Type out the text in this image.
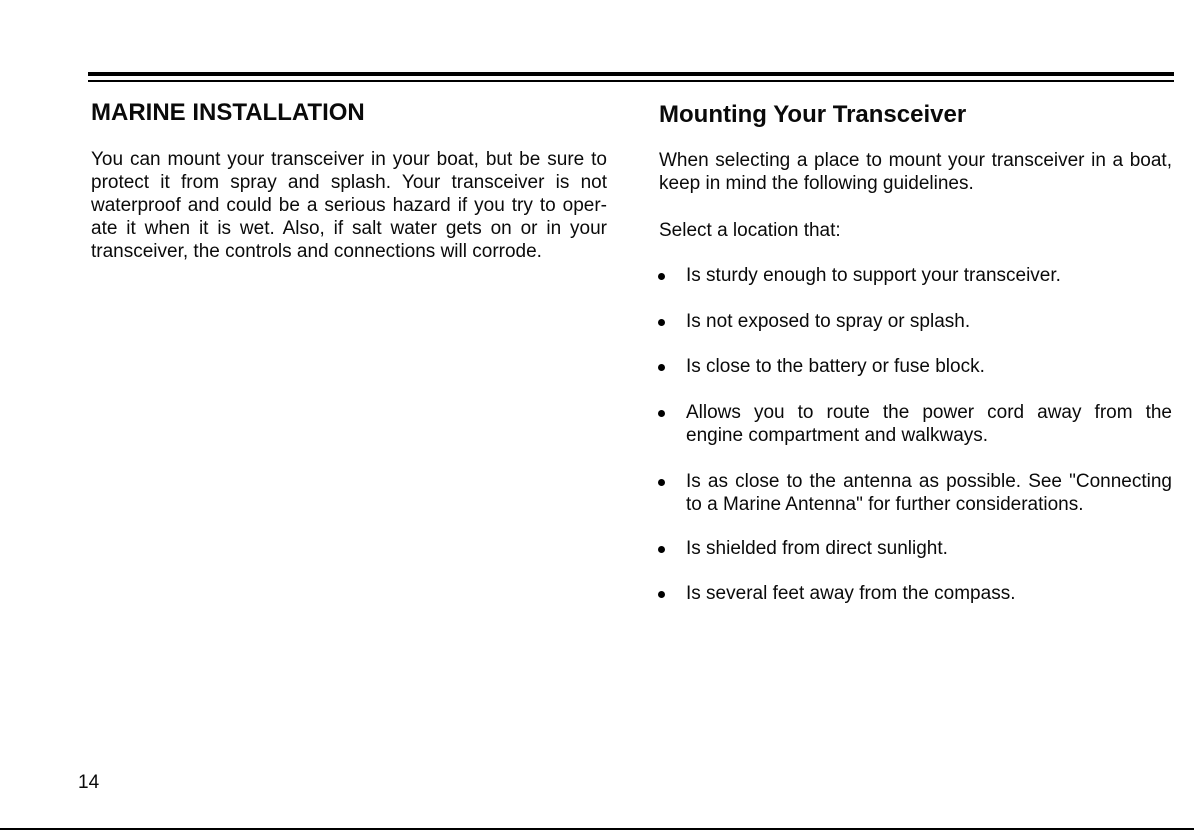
MARINE INSTALLATION
You can mount your transceiver in your boat, but be sure to
protect it from spray and splash. Your transceiver is not
waterproof and could be a serious hazard if you try to oper-
ate it when it is wet. Also, if salt water gets on or in your
transceiver, the controls and connections will corrode.
Mounting Your Transceiver
When selecting a place to mount your transceiver in a boat,
keep in mind the following guidelines.
Select a location that:
Is sturdy enough to support your transceiver.
Is not exposed to spray or splash.
Is close to the battery or fuse block.
Allows you to route the power cord away from the
engine compartment and walkways.
Is as close to the antenna as possible. See "Connecting
to a Marine Antenna" for further considerations.
Is shielded from direct sunlight.
Is several feet away from the compass.
14
